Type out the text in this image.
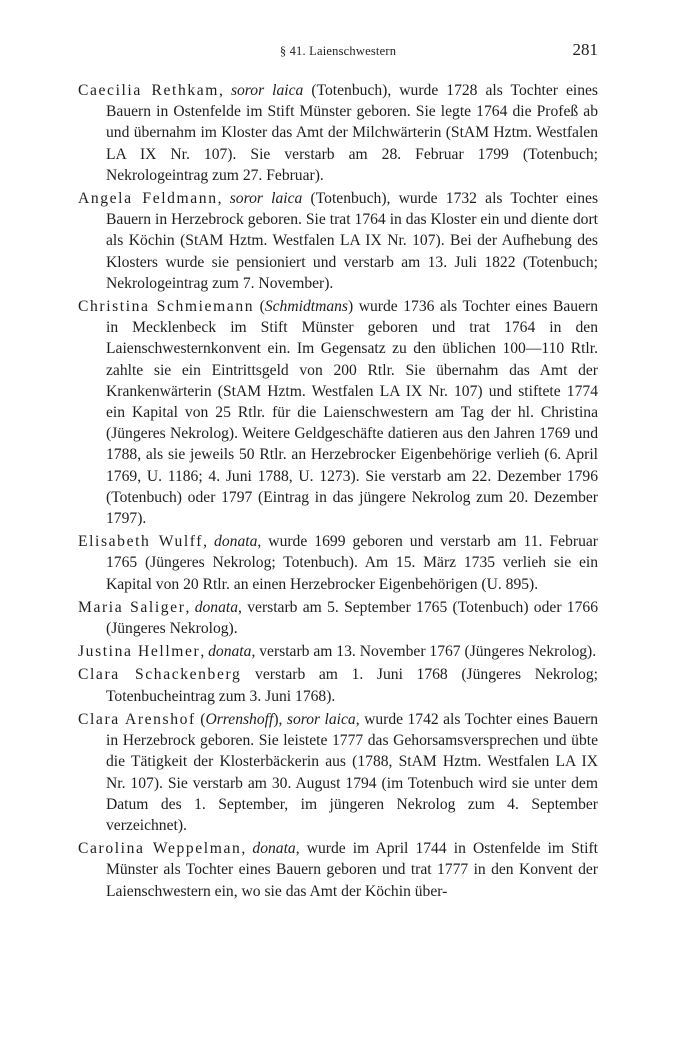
§ 41. Laienschwestern	281

Caecilia Rethkam, soror laica (Totenbuch), wurde 1728 als Tochter eines Bauern in Ostenfelde im Stift Münster geboren. Sie legte 1764 die Profeß ab und übernahm im Kloster das Amt der Milchwärterin (StAM Hztm. Westfalen LA IX Nr. 107). Sie verstarb am 28. Februar 1799 (Totenbuch; Nekrologeintrag zum 27. Februar).

Angela Feldmann, soror laica (Totenbuch), wurde 1732 als Tochter eines Bauern in Herzebrock geboren. Sie trat 1764 in das Kloster ein und diente dort als Köchin (StAM Hztm. Westfalen LA IX Nr. 107). Bei der Aufhebung des Klosters wurde sie pensioniert und verstarb am 13. Juli 1822 (Totenbuch; Nekrologeintrag zum 7. November).

Christina Schmiemann (Schmidtmans) wurde 1736 als Tochter eines Bauern in Mecklenbeck im Stift Münster geboren und trat 1764 in den Laienschwesternkonvent ein. Im Gegensatz zu den üblichen 100—110 Rtlr. zahlte sie ein Eintrittsgeld von 200 Rtlr. Sie übernahm das Amt der Krankenwärterin (StAM Hztm. Westfalen LA IX Nr. 107) und stiftete 1774 ein Kapital von 25 Rtlr. für die Laienschwestern am Tag der hl. Christina (Jüngeres Nekrolog). Weitere Geldgeschäfte datieren aus den Jahren 1769 und 1788, als sie jeweils 50 Rtlr. an Herzebrocker Eigenbehörige verlieh (6. April 1769, U. 1186; 4. Juni 1788, U. 1273). Sie verstarb am 22. Dezember 1796 (Totenbuch) oder 1797 (Eintrag in das jüngere Nekrolog zum 20. Dezember 1797).

Elisabeth Wulff, donata, wurde 1699 geboren und verstarb am 11. Februar 1765 (Jüngeres Nekrolog; Totenbuch). Am 15. März 1735 verlieh sie ein Kapital von 20 Rtlr. an einen Herzebrocker Eigenbehörigen (U. 895).

Maria Saliger, donata, verstarb am 5. September 1765 (Totenbuch) oder 1766 (Jüngeres Nekrolog).

Justina Hellmer, donata, verstarb am 13. November 1767 (Jüngeres Nekrolog).

Clara Schackenberg verstarb am 1. Juni 1768 (Jüngeres Nekrolog; Totenbucheintrag zum 3. Juni 1768).

Clara Arenshof (Orrenshoff), soror laica, wurde 1742 als Tochter eines Bauern in Herzebrock geboren. Sie leistete 1777 das Gehorsamsversprechen und übte die Tätigkeit der Klosterbäckerin aus (1788, StAM Hztm. Westfalen LA IX Nr. 107). Sie verstarb am 30. August 1794 (im Totenbuch wird sie unter dem Datum des 1. September, im jüngeren Nekrolog zum 4. September verzeichnet).

Carolina Weppelman, donata, wurde im April 1744 in Ostenfelde im Stift Münster als Tochter eines Bauern geboren und trat 1777 in den Konvent der Laienschwestern ein, wo sie das Amt der Köchin über-
